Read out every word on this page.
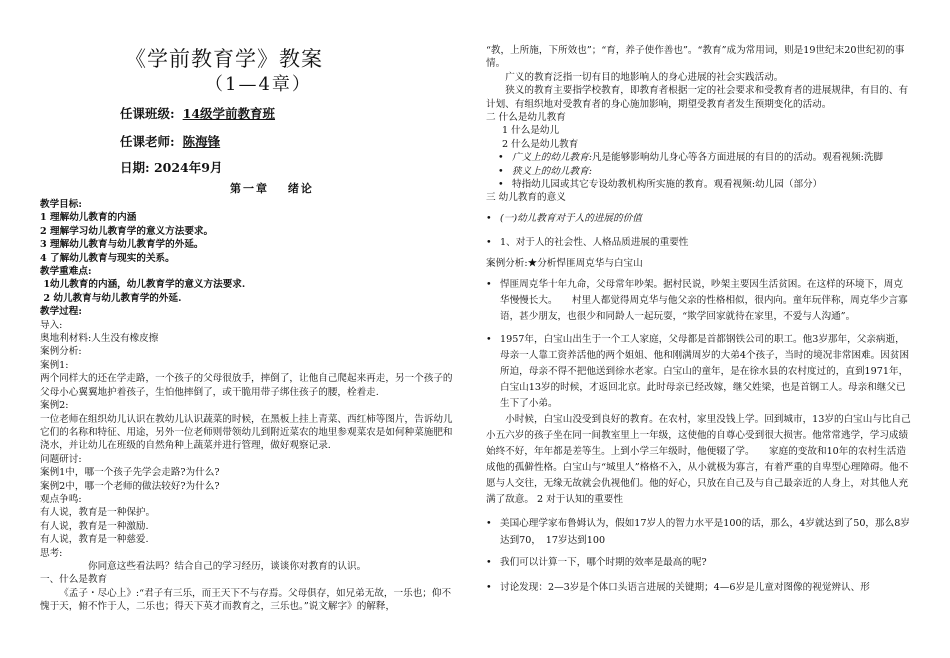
《学前教育学》教案
（1—4章）
任课班级: 14级学前教育班
任课老师: 陈海锋
日期: 2024年9月
第一章　 绪论

教学目标:

1 理解幼儿教育的内涵

2 理解学习幼儿教育学的意义方法要求。

3 理解幼儿教育与幼儿教育学的外延。

4 了解幼儿教育与现实的关系。

教学重难点:

1幼儿教育的内涵，幼儿教育学的意义方法要求.

2 幼儿教育与幼儿教育学的外延.

教学过程:

导入:

奥地利材料:人生没有橡皮擦

案例分析:

案例1:

两个同样大的还在学走路，一个孩子的父母很放手，摔倒了，让他自己爬起来再走，另一个孩子的父母小心翼翼地护着孩子，生怕他摔倒了，或干脆用带子绑住孩子的腰，栓着走.

案例2:

一位老师在组织幼儿认识在教幼儿认识蔬菜的时候，在黑板上挂上青菜、西红柿等图片，告诉幼儿它们的名称和特征、用途，另外一位老师则带领幼儿到附近菜农的地里参观菜农是如何种菜施肥和浇水，并让幼儿在班级的自然角种上蔬菜并进行管理，做好观察记录.

问题研讨:

案例1中，哪一个孩子先学会走路?为什么?

案例2中，哪一个老师的做法较好?为什么?

观点争鸣:

有人说，教育是一种保护。

有人说，教育是一种激励.

有人说，教育是一种慈爱.

思考:

你同意这些看法吗？结合自己的学习经历，谈谈你对教育的认识。

一、什么是教育

《孟子・尽心上》:“君子有三乐，而王天下不与存焉。父母俱存，如兄弟无故，一乐也；仰不愧于天，俯不怍于人，二乐也；得天下英才而教育之，三乐也。”说文解字》的解释，

“教，上所施，下所效也”；“育，养子使作善也”。“教育”成为常用词，则是19世纪末20世纪初的事情。

广义的教育泛指一切有目的地影响人的身心进展的社会实践活动。

狭义的教育主要指学校教育，即教育者根据一定的社会要求和受教育者的进展规律，有目的、有计划、有组织地对受教育者的身心施加影响，期望受教育者发生预期变化的活动。

二 什么是幼儿教育

1 什么是幼儿

2 什么是幼儿教育

• 广义上的幼儿教育:凡是能够影响幼儿身心等各方面进展的有目的的活动。观看视频:洗脚

• 狭义上的幼儿教育:

• 特指幼儿园或其它专设幼教机构所实施的教育。观看视频:幼儿园（部分）

三 幼儿教育的意义

• (一)幼儿教育对于人的进展的价值

• 1、对于人的社会性、人格品质进展的重要性

案例分析:★分析悍匪周克华与白宝山

• 悍匪周克华十年九命，父母常年吵架。据村民说，吵架主要因生活贫困。在这样的环境下，周克华慢慢长大。　　村里人都觉得周克华与他父亲的性格相似，很内向。童年玩伴称，周克华少言寡语，甚少朋友，也很少和同龄人一起玩耍，“欺学回家就待在家里，不爱与人沟通”。

• 1957年，白宝山出生于一个工人家庭，父母都是首都钢铁公司的职工。他3岁那年，父亲病逝，母亲一人靠工资养活他的两个姐姐、他和刚满周岁的大弟4个孩子，当时的境况非常困难。因贫困所迫，母亲不得不把他送到徐水老家。白宝山的童年，是在徐水县的农村度过的，直到1971年，白宝山13岁的时候，才返回北京。此时母亲已经改嫁，继父姓梁，也是首钢工人。母亲和继父已生下了小弟。

小时候，白宝山没受到良好的教育。在农村，家里没钱上学。回到城市，13岁的白宝山与比自己小五六岁的孩子坐在同一间教室里上一年级，这使他的自尊心受到很大损害。他常常逃学，学习成绩始终不好，年年都是差等生。上到小学三年级时，他便辍了学。　　家庭的变故和10年的农村生活造成他的孤僻性格。白宝山与“城里人”格格不入，从小就极为寡言，有着严重的自卑型心理障碍。他不愿与人交往，无缘无故就会仇视他们。他的好心，只放在自己及与自己最亲近的人身上，对其他人充满了敌意。 2 对于认知的重要性

• 美国心理学家布鲁姆认为，假如17岁人的智力水平是100的话，那么，4岁就达到了50，那么8岁达到70，　17岁达到100

• 我们可以计算一下，哪个时期的效率是最高的呢?

• 讨论发现：2—3岁是个体口头语言进展的关键期；4—6岁是儿童对图像的视觉辨认、形
